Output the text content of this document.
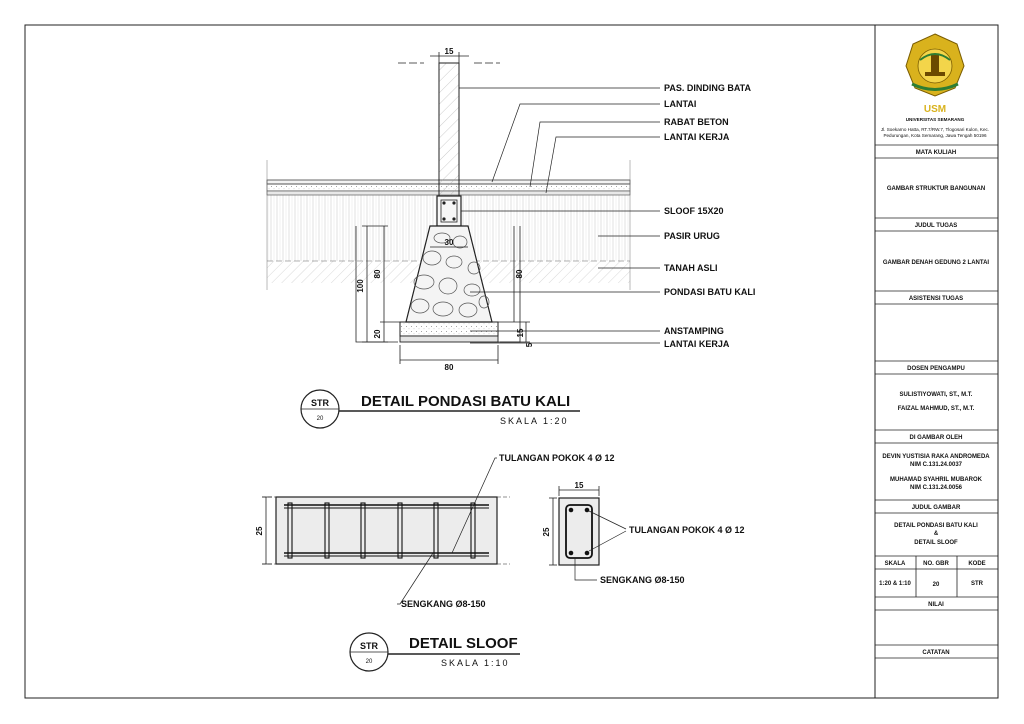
USM
UNIVERSITAS SEMARANG
Jl. Soekarno Hatta, RT.7/RW.7, Tlogosari Kulon, Kec.
Pedurungan, Kota Semarang, Jawa Tengah 50196
MATA KULIAH
GAMBAR STRUKTUR BANGUNAN
JUDUL TUGAS
GAMBAR DENAH GEDUNG 2 LANTAI
ASISTENSI TUGAS
DOSEN PENGAMPU
SULISTIYOWATI, ST., M.T.
FAIZAL MAHMUD, ST., M.T.
DI GAMBAR OLEH
DEVIN YUSTISIA RAKA ANDROMEDA
NIM C.131.24.0037
MUHAMAD SYAHRIL MUBAROK
NIM C.131.24.0056
JUDUL GAMBAR
DETAIL PONDASI BATU KALI
&
DETAIL SLOOF
SKALA	NO. GBR	KODE
1:20 & 1:10	20	STR
NILAI
CATATAN
15
30
80
100
80
20
80
15
5
PAS. DINDING BATA
LANTAI
RABAT BETON
LANTAI KERJA
SLOOF 15X20
PASIR URUG
TANAH ASLI
PONDASI BATU KALI
ANSTAMPING
LANTAI KERJA
STR
20
DETAIL PONDASI BATU KALI
SKALA 1:20
25
TULANGAN POKOK 4 Ø 12
SENGKANG Ø8-150
15
25	TULANGAN POKOK 4 Ø 12
SENGKANG Ø8-150
STR
20
DETAIL SLOOF
SKALA 1:10
